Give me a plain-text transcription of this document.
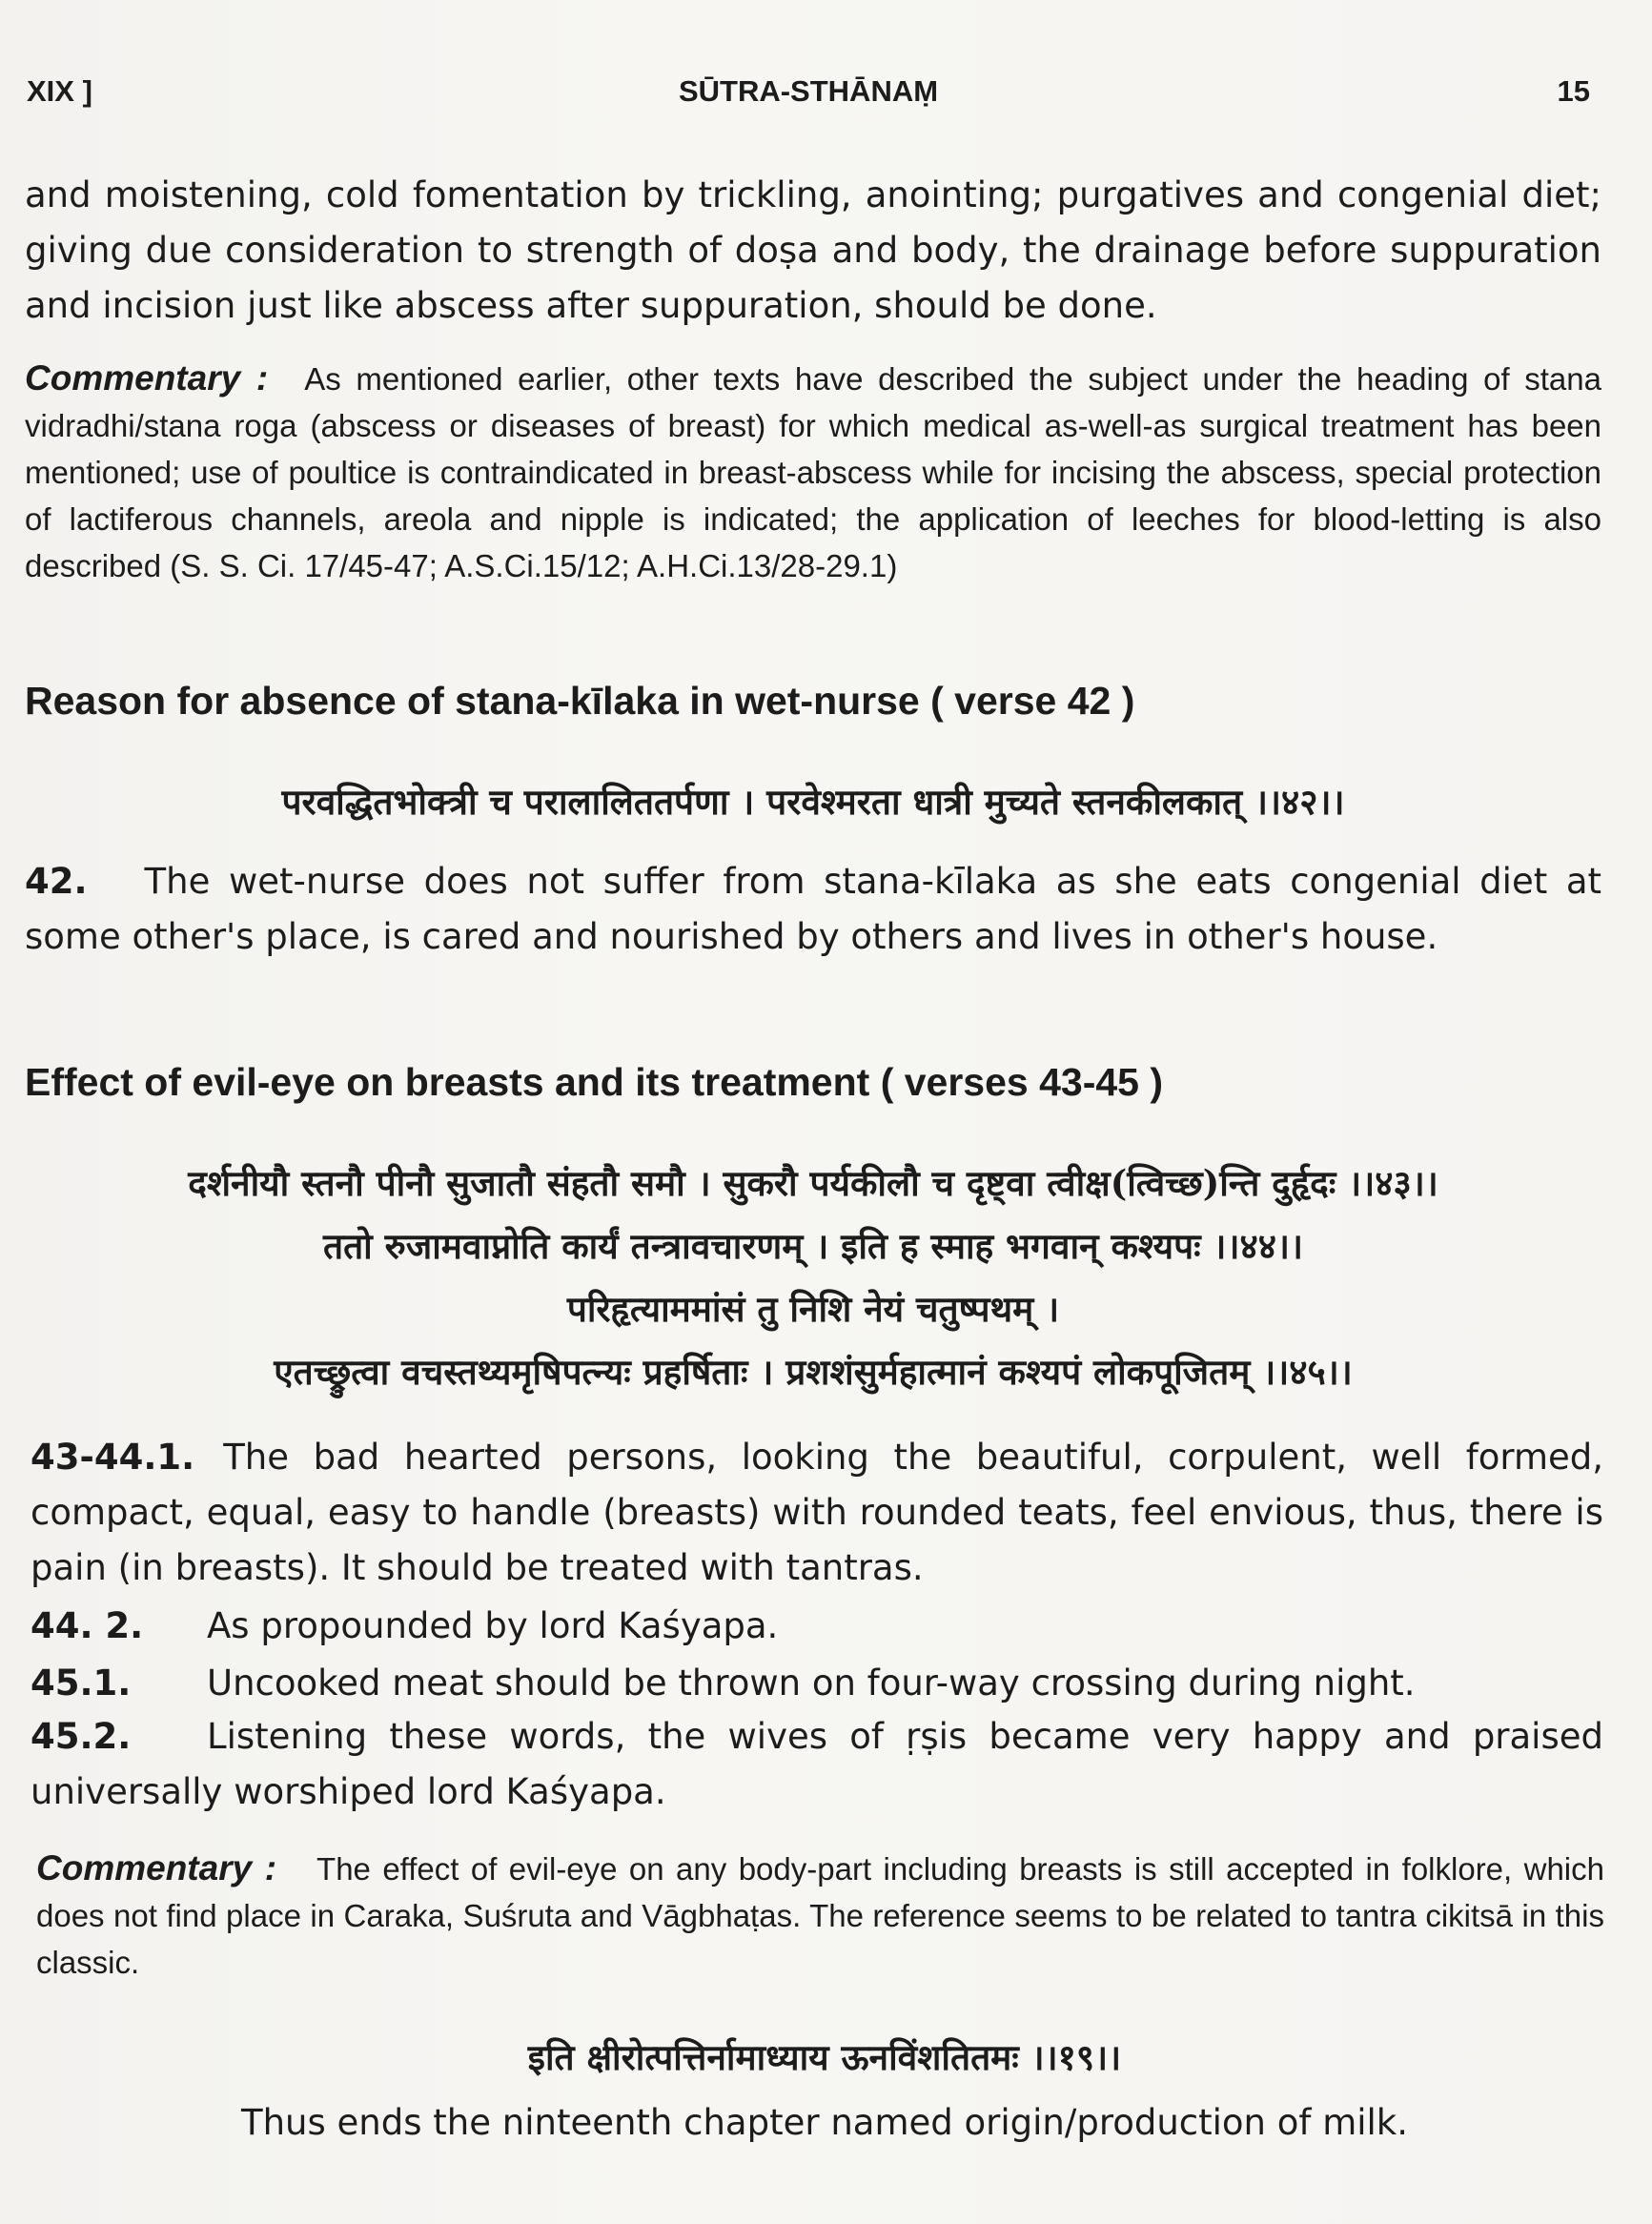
XIX ]	SŪTRA-STHĀNAṂ	15
and moistening, cold fomentation by trickling, anointing; purgatives and congenial diet; giving due consideration to strength of doṣa and body, the drainage before suppuration and incision just like abscess after suppuration, should be done.
Commentary : As mentioned earlier, other texts have described the subject under the heading of stana vidradhi/stana roga (abscess or diseases of breast) for which medical as-well-as surgical treatment has been mentioned; use of poultice is contraindicated in breast-abscess while for incising the abscess, special protection of lactiferous channels, areola and nipple is indicated; the application of leeches for blood-letting is also described (S. S. Ci. 17/45-47; A.S.Ci.15/12; A.H.Ci.13/28-29.1)
Reason for absence of stana-kīlaka in wet-nurse ( verse 42 )
परवद्धितभोक्त्री च परालालिततर्पणा । परवेश्मरता धात्री मुच्यते स्तनकीलकात् ।।४२।।
42. The wet-nurse does not suffer from stana-kīlaka as she eats congenial diet at some other's place, is cared and nourished by others and lives in other's house.
Effect of evil-eye on breasts and its treatment ( verses 43-45 )
दर्शनीयौ स्तनौ पीनौ सुजातौ संहतौ समौ । सुकरौ पर्यकीलौ च दृष्ट्वा त्वीक्ष(त्विच्छ)न्ति दुर्हृदः ।।४३।।
ततो रुजामवाप्नोति कार्यं तन्त्रावचारणम् । इति ह स्माह भगवान् कश्यपः ।।४४।।
परिहृत्याममांसं तु निशि नेयं चतुष्पथम् ।
एतच्छ्रुत्वा वचस्तथ्यमृषिपत्न्यः प्रहर्षिताः । प्रशशंसुर्महात्मानं कश्यपं लोकपूजितम् ।।४५।।
43-44.1. The bad hearted persons, looking the beautiful, corpulent, well formed, compact, equal, easy to handle (breasts) with rounded teats, feel envious, thus, there is pain (in breasts). It should be treated with tantras.
44. 2. As propounded by lord Kaśyapa.
45.1. Uncooked meat should be thrown on four-way crossing during night.
45.2. Listening these words, the wives of ṛṣis became very happy and praised universally worshiped lord Kaśyapa.
Commentary : The effect of evil-eye on any body-part including breasts is still accepted in folklore, which does not find place in Caraka, Suśruta and Vāgbhaṭas. The reference seems to be related to tantra cikitsā in this classic.
इति क्षीरोत्पत्तिर्नामाध्याय ऊनविंशतितमः ।।१९।।
Thus ends the ninteenth chapter named origin/production of milk.
